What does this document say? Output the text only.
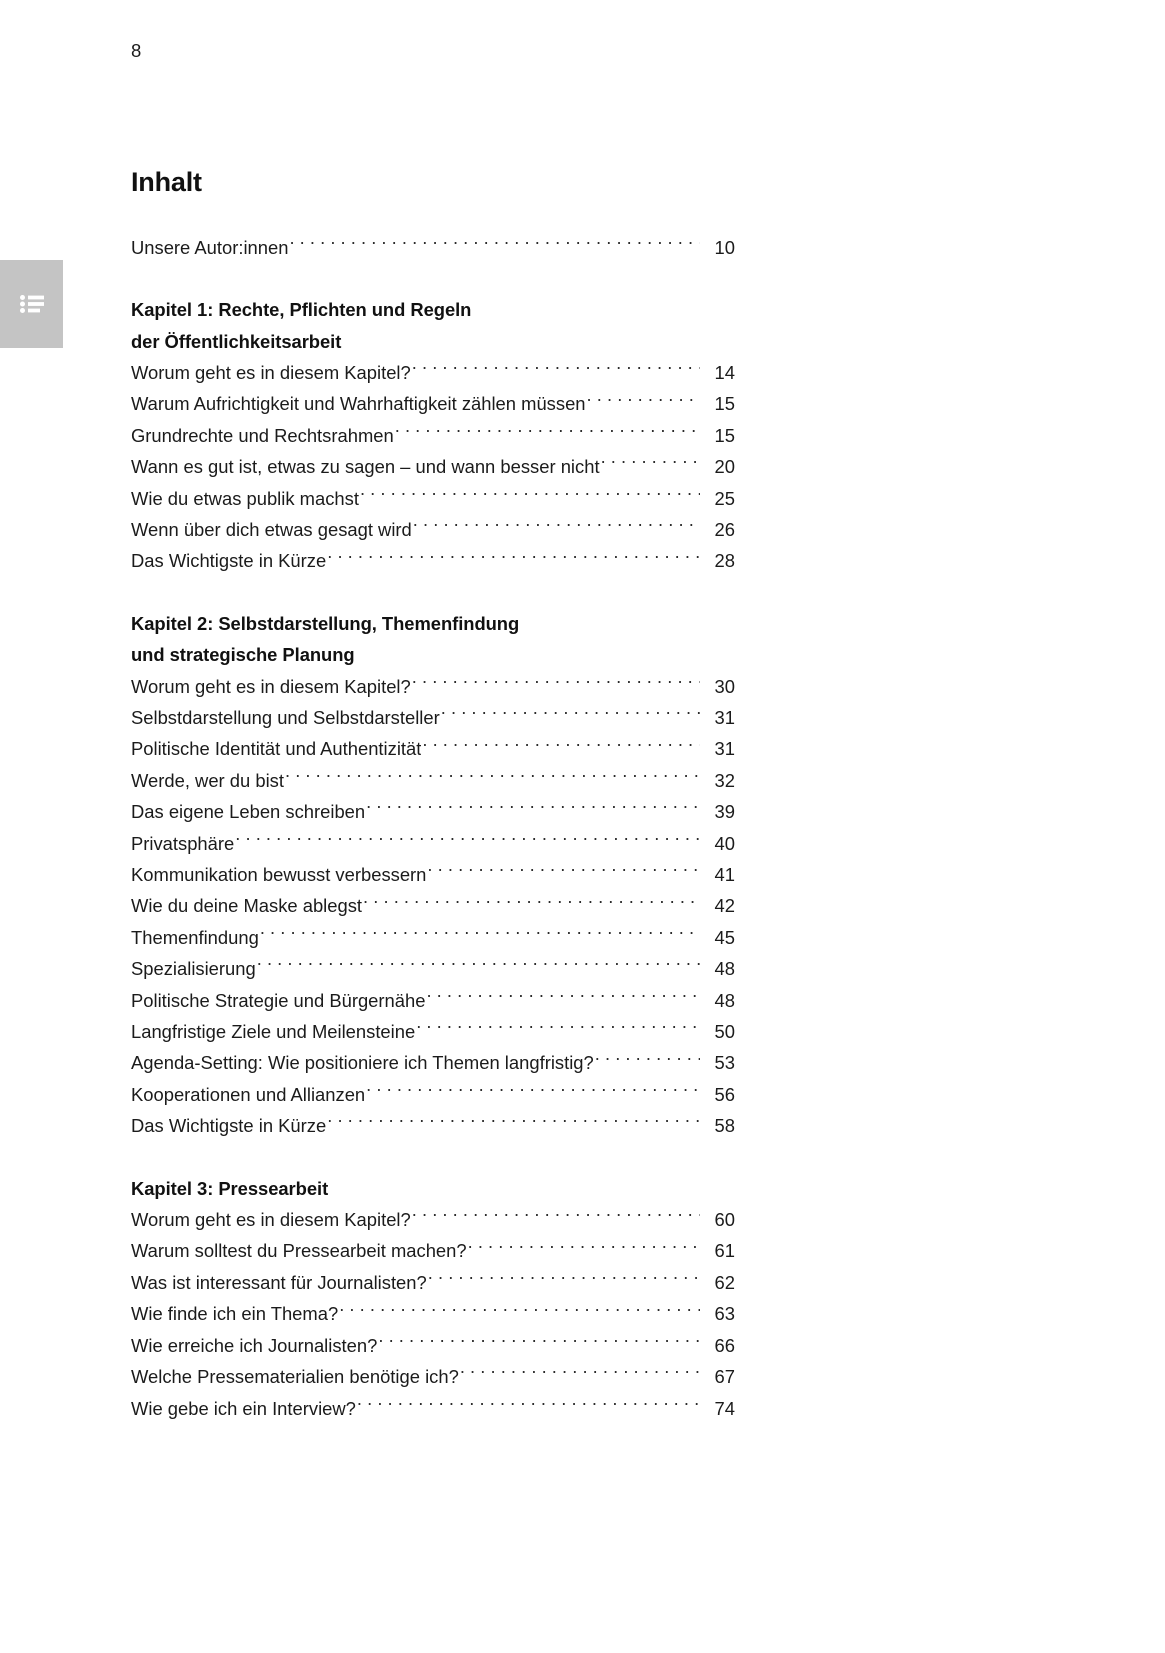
8
Inhalt
Unsere Autor:innen . . .	10
Kapitel 1: Rechte, Pflichten und Regeln
der Öffentlichkeitsarbeit
Worum geht es in diesem Kapitel? . . .	14
Warum Aufrichtigkeit und Wahrhaftigkeit zählen müssen . . .	15
Grundrechte und Rechtsrahmen . . .	15
Wann es gut ist, etwas zu sagen – und wann besser nicht . . .	20
Wie du etwas publik machst . . .	25
Wenn über dich etwas gesagt wird . . .	26
Das Wichtigste in Kürze . . .	28
Kapitel 2: Selbstdarstellung, Themenfindung
und strategische Planung
Worum geht es in diesem Kapitel? . . .	30
Selbstdarstellung und Selbstdarsteller . . .	31
Politische Identität und Authentizität . . .	31
Werde, wer du bist . . .	32
Das eigene Leben schreiben . . .	39
Privatsphäre . . .	40
Kommunikation bewusst verbessern . . .	41
Wie du deine Maske ablegst . . .	42
Themenfindung . . .	45
Spezialisierung . . .	48
Politische Strategie und Bürgernähe . . .	48
Langfristige Ziele und Meilensteine . . .	50
Agenda-Setting: Wie positioniere ich Themen langfristig? . . .	53
Kooperationen und Allianzen . . .	56
Das Wichtigste in Kürze . . .	58
Kapitel 3: Pressearbeit
Worum geht es in diesem Kapitel? . . .	60
Warum solltest du Pressearbeit machen? . . .	61
Was ist interessant für Journalisten? . . .	62
Wie finde ich ein Thema? . . .	63
Wie erreiche ich Journalisten? . . .	66
Welche Pressematerialien benötige ich? . . .	67
Wie gebe ich ein Interview? . . .	74
